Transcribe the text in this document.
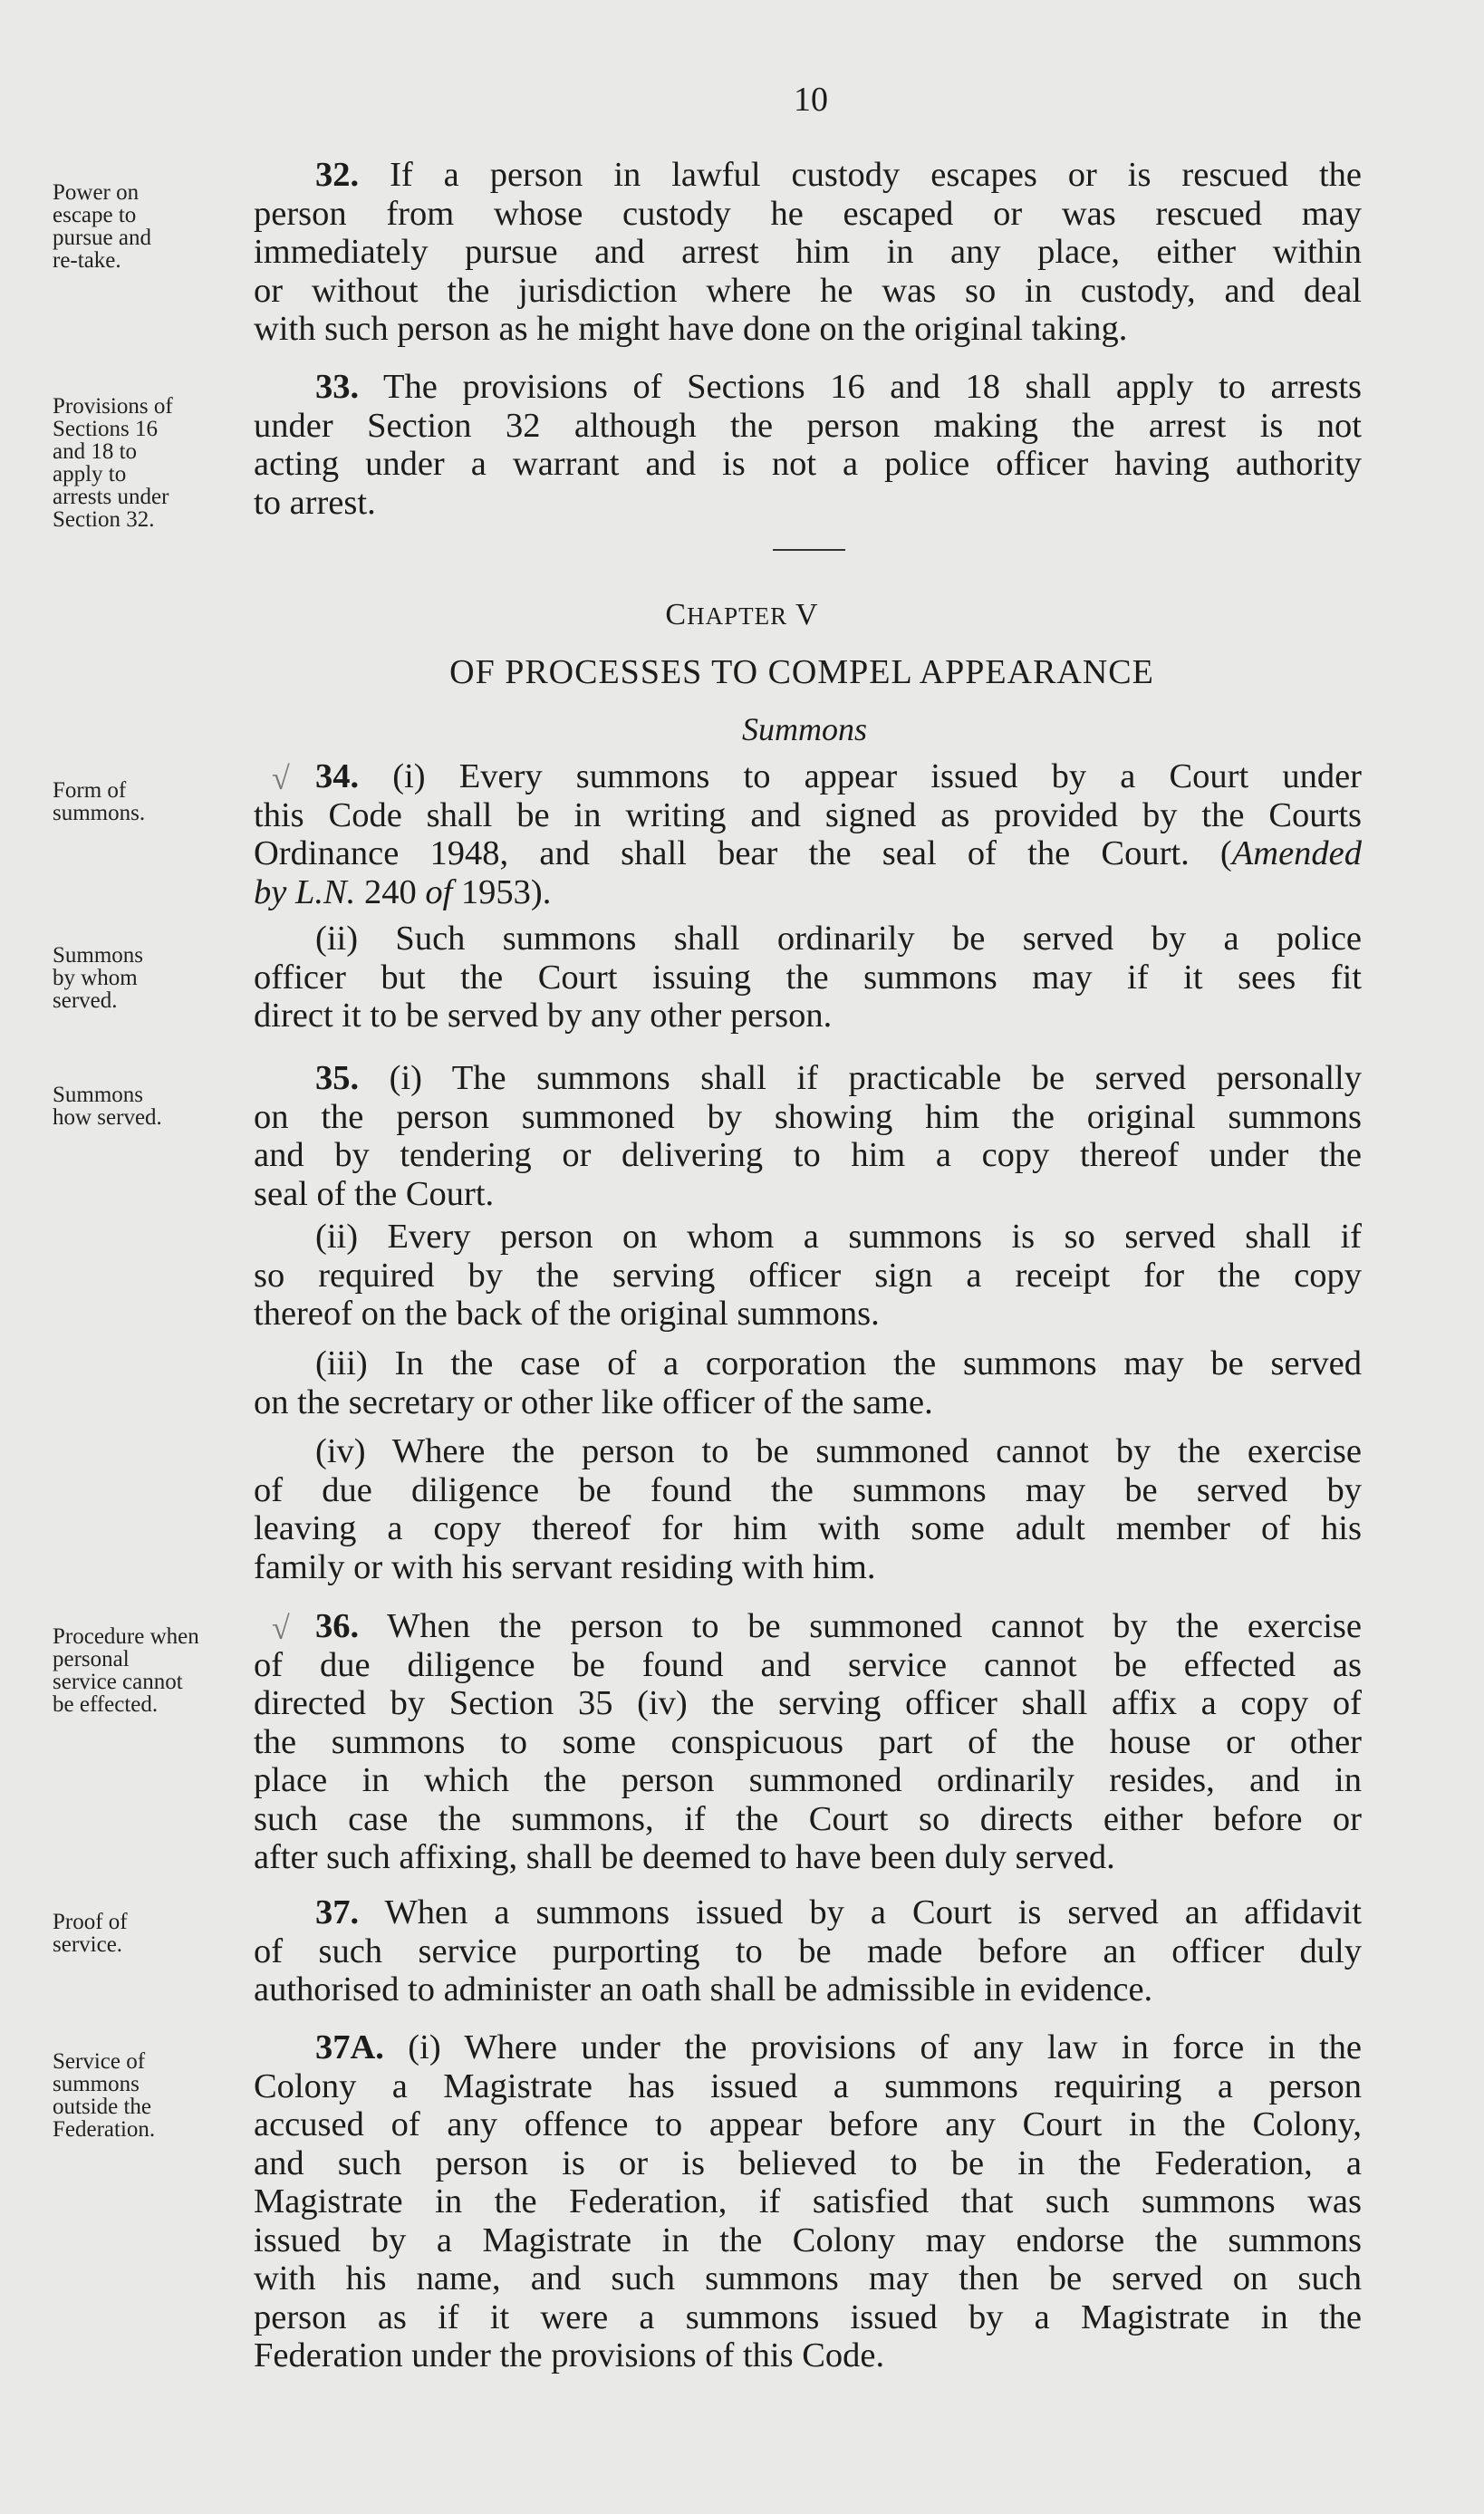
10
Power on
escape to
pursue and
re-take.
Provisions of
Sections 16
and 18 to
apply to
arrests under
Section 32.
Form of
summons.
Summons
by whom
served.
Summons
how served.
Procedure when
personal
service cannot
be effected.
Proof of
service.
Service of
summons
outside the
Federation.
32. If a person in lawful custody escapes or is rescued the
person from whose custody he escaped or was rescued may
immediately pursue and arrest him in any place, either within
or without the jurisdiction where he was so in custody, and deal
with such person as he might have done on the original taking.
33. The provisions of Sections 16 and 18 shall apply to arrests
under Section 32 although the person making the arrest is not
acting under a warrant and is not a police officer having authority
to arrest.
34. (i) Every summons to appear issued by a Court under
this Code shall be in writing and signed as provided by the Courts
Ordinance 1948, and shall bear the seal of the Court. (Amended
by L.N. 240 of 1953).
(ii) Such summons shall ordinarily be served by a police
officer but the Court issuing the summons may if it sees fit
direct it to be served by any other person.
35. (i) The summons shall if practicable be served personally
on the person summoned by showing him the original summons
and by tendering or delivering to him a copy thereof under the
seal of the Court.
(ii) Every person on whom a summons is so served shall if
so required by the serving officer sign a receipt for the copy
thereof on the back of the original summons.
(iii) In the case of a corporation the summons may be served
on the secretary or other like officer of the same.
(iv) Where the person to be summoned cannot by the exercise
of due diligence be found the summons may be served by
leaving a copy thereof for him with some adult member of his
family or with his servant residing with him.
36. When the person to be summoned cannot by the exercise
of due diligence be found and service cannot be effected as
directed by Section 35 (iv) the serving officer shall affix a copy of
the summons to some conspicuous part of the house or other
place in which the person summoned ordinarily resides, and in
such case the summons, if the Court so directs either before or
after such affixing, shall be deemed to have been duly served.
37. When a summons issued by a Court is served an affidavit
of such service purporting to be made before an officer duly
authorised to administer an oath shall be admissible in evidence.
37A. (i) Where under the provisions of any law in force in the
Colony a Magistrate has issued a summons requiring a person
accused of any offence to appear before any Court in the Colony,
and such person is or is believed to be in the Federation, a
Magistrate in the Federation, if satisfied that such summons was
issued by a Magistrate in the Colony may endorse the summons
with his name, and such summons may then be served on such
person as if it were a summons issued by a Magistrate in the
Federation under the provisions of this Code.
CHAPTER V
OF PROCESSES TO COMPEL APPEARANCE
Summons
√
√
